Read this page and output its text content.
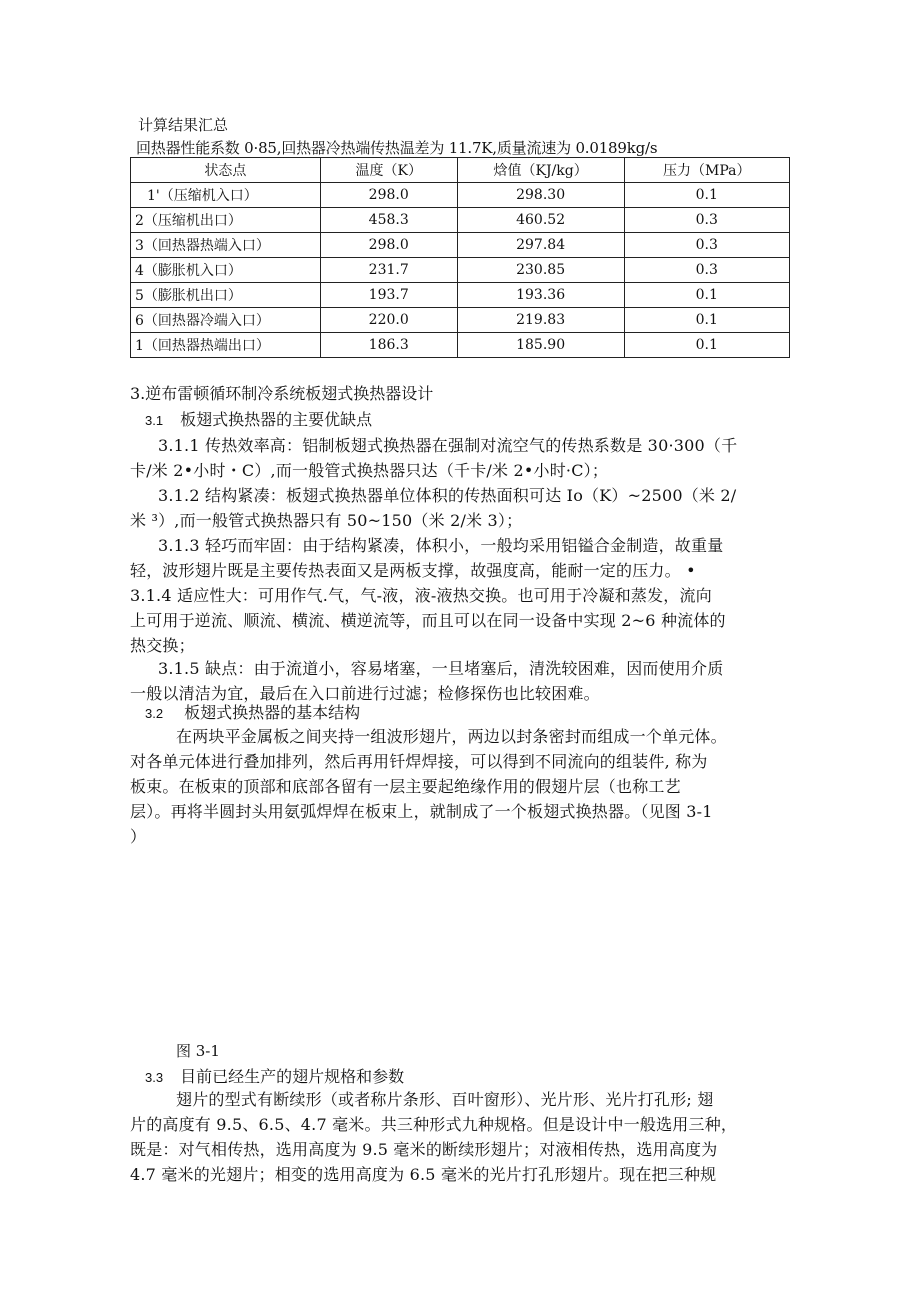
计算结果汇总
回热器性能系数 0·85,回热器冷热端传热温差为 11.7K,质量流速为 0.0189kg/s
状态点	温度（K）	焓值（KJ/kg）	压力（MPa）
1'（压缩机入口）	298.0	298.30	0.1
2（压缩机出口）	458.3	460.52	0.3
3（回热器热端入口）	298.0	297.84	0.3
4（膨胀机入口）	231.7	230.85	0.3
5（膨胀机出口）	193.7	193.36	0.1
6（回热器冷端入口）	220.0	219.83	0.1
1（回热器热端出口）	186.3	185.90	0.1
3.逆布雷顿循环制冷系统板翅式换热器设计
3.1 板翅式换热器的主要优缺点
3.1.1 传热效率高：铝制板翅式换热器在强制对流空气的传热系数是 30·300（千
卡/米 2•小时・C）,而一般管式换热器只达（千卡/米 2•小时·C）；
3.1.2 结构紧凑：板翅式换热器单位体积的传热面积可达 Io（K）~2500（米 2/
米 ³）,而一般管式换热器只有 50~150（米 2/米 3）；
3.1.3 轻巧而牢固：由于结构紧凑，体积小，一般均采用铝镒合金制造，故重量
轻，波形翅片既是主要传热表面又是两板支撑，故强度高，能耐一定的压力。 •
3.1.4 适应性大：可用作气.气，气-液，液-液热交换。也可用于冷凝和蒸发，流向
上可用于逆流、顺流、横流、横逆流等，而且可以在同一设备中实现 2~6 种流体的
热交换；
3.1.5 缺点：由于流道小，容易堵塞，一旦堵塞后，清洗较困难，因而使用介质
一般以清洁为宜，最后在入口前进行过滤；检修探伤也比较困难。
3.2 板翅式换热器的基本结构
在两块平金属板之间夹持一组波形翅片，两边以封条密封而组成一个单元体。
对各单元体进行叠加排列，然后再用钎焊焊接，可以得到不同流向的组装件, 称为
板束。在板束的顶部和底部各留有一层主要起绝缘作用的假翅片层（也称工艺
层）。再将半圆封头用氨弧焊焊在板束上，就制成了一个板翅式换热器。（见图 3-1
）
图 3-1
3.3 目前已经生产的翅片规格和参数
翅片的型式有断续形（或者称片条形、百叶窗形）、光片形、光片打孔形; 翅
片的高度有 9.5、6.5、4.7 毫米。共三种形式九种规格。但是设计中一般选用三种，
既是：对气相传热，选用高度为 9.5 毫米的断续形翅片；对液相传热，选用高度为
4.7 毫米的光翅片；相变的选用高度为 6.5 毫米的光片打孔形翅片。现在把三种规
